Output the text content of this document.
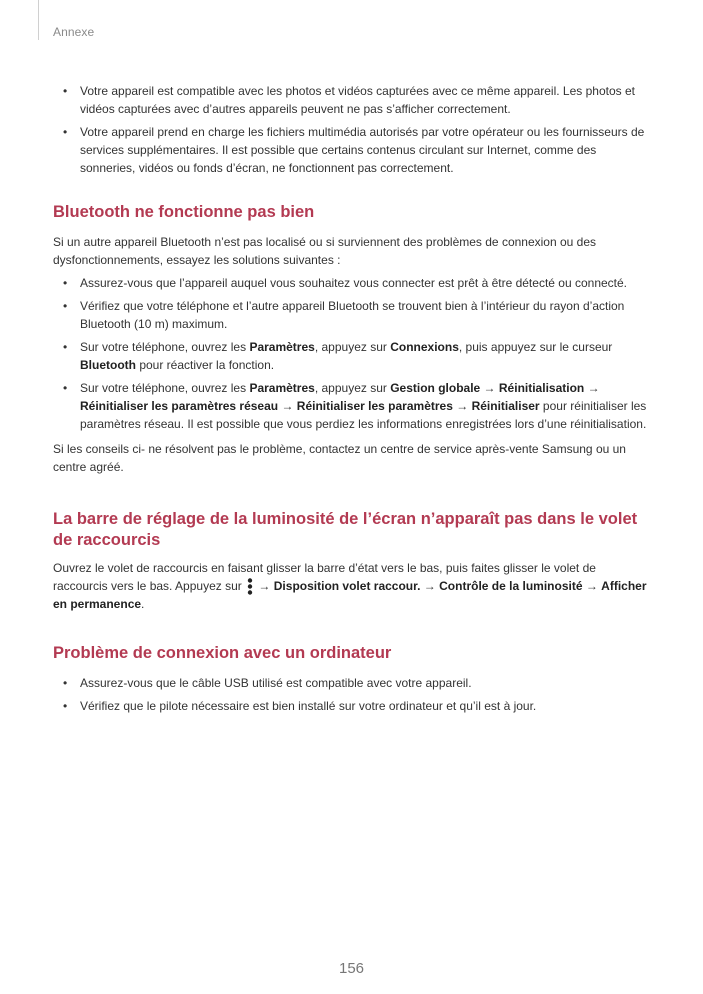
Annexe
• Votre appareil est compatible avec les photos et vidéos capturées avec ce même appareil. Les photos et vidéos capturées avec d’autres appareils peuvent ne pas s’afficher correctement.
• Votre appareil prend en charge les fichiers multimédia autorisés par votre opérateur ou les fournisseurs de services supplémentaires. Il est possible que certains contenus circulant sur Internet, comme des sonneries, vidéos ou fonds d’écran, ne fonctionnent pas correctement.
Bluetooth ne fonctionne pas bien

Si un autre appareil Bluetooth n’est pas localisé ou si surviennent des problèmes de connexion ou des dysfonctionnements, essayez les solutions suivantes :

• Assurez-vous que l’appareil auquel vous souhaitez vous connecter est prêt à être détecté ou connecté.
• Vérifiez que votre téléphone et l’autre appareil Bluetooth se trouvent bien à l’intérieur du rayon d’action Bluetooth (10 m) maximum.
• Sur votre téléphone, ouvrez les Paramètres, appuyez sur Connexions, puis appuyez sur le curseur Bluetooth pour réactiver la fonction.
• Sur votre téléphone, ouvrez les Paramètres, appuyez sur Gestion globale → Réinitialisation → Réinitialiser les paramètres réseau → Réinitialiser les paramètres → Réinitialiser pour réinitialiser les paramètres réseau. Il est possible que vous perdiez les informations enregistrées lors d’une réinitialisation.

Si les conseils ci- ne résolvent pas le problème, contactez un centre de service après-vente Samsung ou un centre agréé.

La barre de réglage de la luminosité de l’écran n’apparaît pas dans le volet de raccourcis

Ouvrez le volet de raccourcis en faisant glisser la barre d’état vers le bas, puis faites glisser le volet de raccourcis vers le bas. Appuyez sur  → Disposition volet raccour. → Contrôle de la luminosité → Afficher en permanence.

Problème de connexion avec un ordinateur
• Assurez-vous que le câble USB utilisé est compatible avec votre appareil.
• Vérifiez que le pilote nécessaire est bien installé sur votre ordinateur et qu’il est à jour.
156
